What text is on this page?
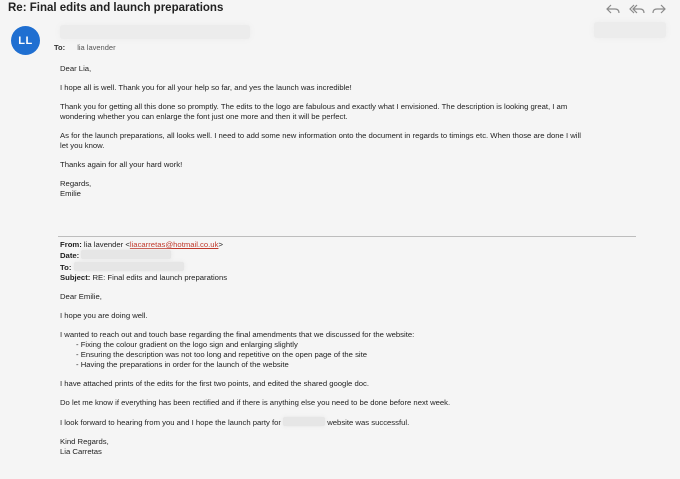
Re: Final edits and launch preparations
LL
To: lia lavender

Dear Lia,

I hope all is well. Thank you for all your help so far, and yes the launch was incredible!

Thank you for getting all this done so promptly. The edits to the logo are fabulous and exactly what I envisioned. The description is looking great, I am
wondering whether you can enlarge the font just one more and then it will be perfect.

As for the launch preparations, all looks well. I need to add some new information onto the document in regards to timings etc. When those are done I will
let you know.

Thanks again for all your hard work!

Regards,

Emilie

From: lia lavender <liacarretas@hotmail.co.uk>

Date:

To:

Subject: RE: Final edits and launch preparations

Dear Emilie,

I hope you are doing well.

I wanted to reach out and touch base regarding the final amendments that we discussed for the website:

- Fixing the colour gradient on the logo sign and enlarging slightly
- Ensuring the description was not too long and repetitive on the open page of the site
- Having the preparations in order for the launch of the website

I have attached prints of the edits for the first two points, and edited the shared google doc.

Do let me know if everything has been rectified and if there is anything else you need to be done before next week.

I look forward to hearing from you and I hope the launch party for	website was successful.

Kind Regards,

Lia Carretas
